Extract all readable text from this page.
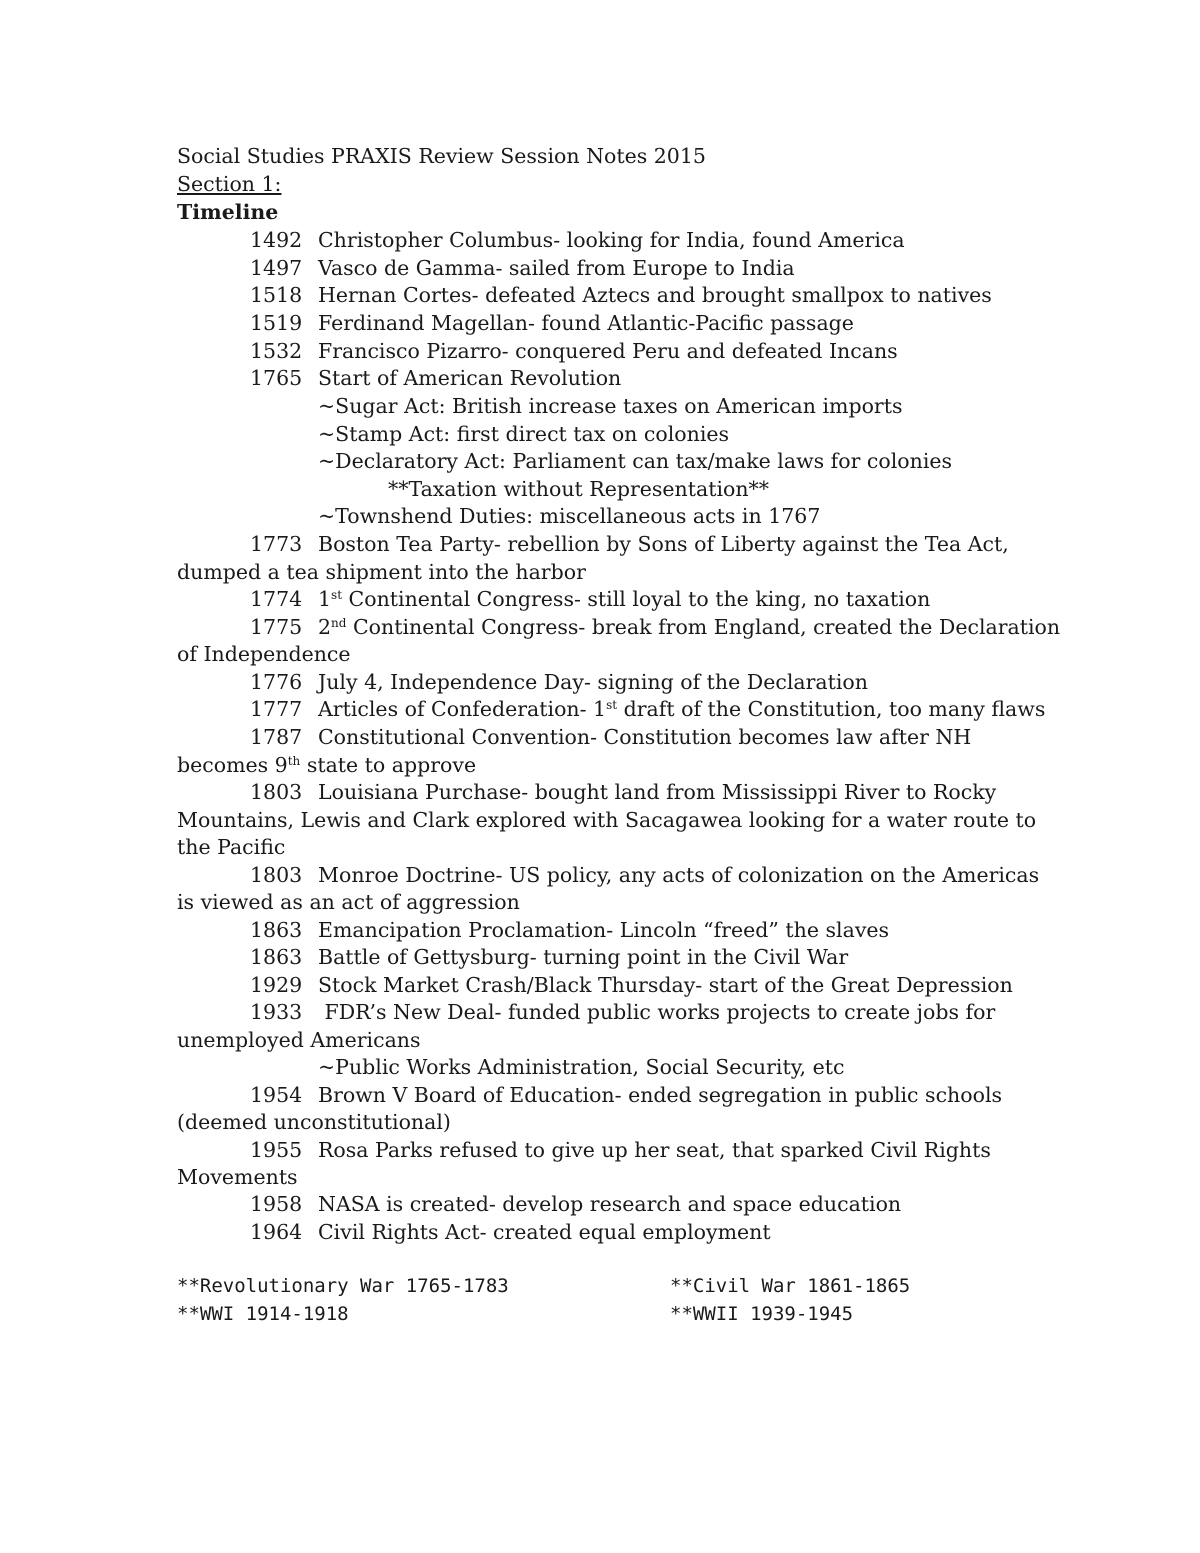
Social Studies PRAXIS Review Session Notes 2015
Section 1:
Timeline
1492 Christopher Columbus- looking for India, found America
1497 Vasco de Gamma- sailed from Europe to India
1518 Hernan Cortes- defeated Aztecs and brought smallpox to natives
1519 Ferdinand Magellan- found Atlantic-Pacific passage
1532 Francisco Pizarro- conquered Peru and defeated Incans
1765 Start of American Revolution
~Sugar Act: British increase taxes on American imports
~Stamp Act: first direct tax on colonies
~Declaratory Act: Parliament can tax/make laws for colonies
**Taxation without Representation**
~Townshend Duties: miscellaneous acts in 1767
1773 Boston Tea Party- rebellion by Sons of Liberty against the Tea Act,
dumped a tea shipment into the harbor
1774 1st Continental Congress- still loyal to the king, no taxation
1775 2nd Continental Congress- break from England, created the Declaration
of Independence
1776 July 4, Independence Day- signing of the Declaration
1777 Articles of Confederation- 1st draft of the Constitution, too many flaws
1787 Constitutional Convention- Constitution becomes law after NH
becomes 9th state to approve
1803 Louisiana Purchase- bought land from Mississippi River to Rocky
Mountains, Lewis and Clark explored with Sacagawea looking for a water route to
the Pacific
1803 Monroe Doctrine- US policy, any acts of colonization on the Americas
is viewed as an act of aggression
1863 Emancipation Proclamation- Lincoln “freed” the slaves
1863 Battle of Gettysburg- turning point in the Civil War
1929 Stock Market Crash/Black Thursday- start of the Great Depression
1933 FDR’s New Deal- funded public works projects to create jobs for
unemployed Americans
~Public Works Administration, Social Security, etc
1954 Brown V Board of Education- ended segregation in public schools
(deemed unconstitutional)
1955 Rosa Parks refused to give up her seat, that sparked Civil Rights
Movements
1958 NASA is created- develop research and space education
1964 Civil Rights Act- created equal employment
**Revolutionary War 1765-1783	**Civil War 1861-1865
**WWI 1914-1918	**WWII 1939-1945
